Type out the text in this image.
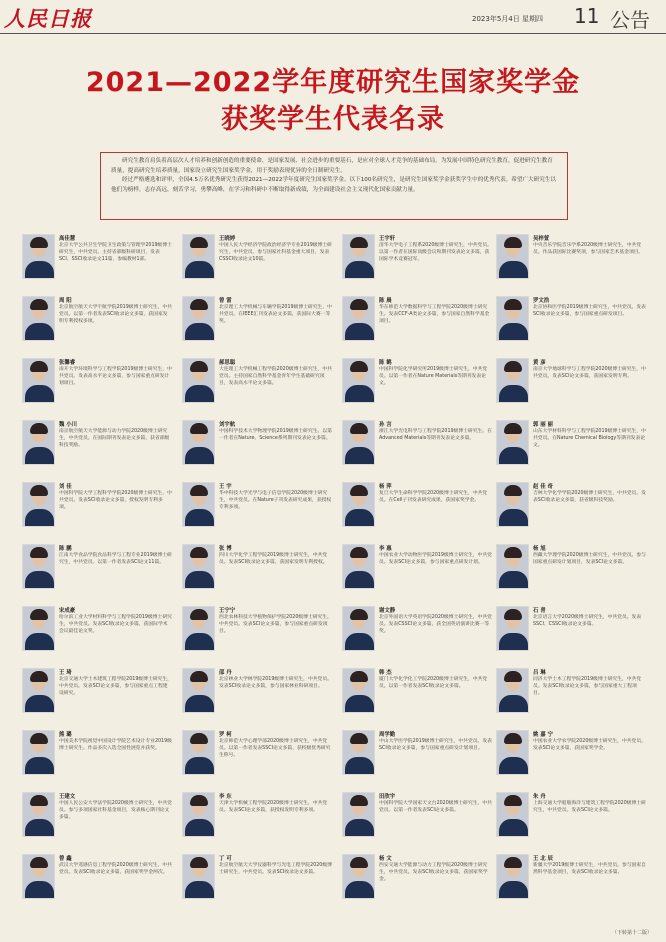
人民日报	2023年5月4日 星期四 11 公告
2021—2022学年度研究生国家奖学金
获奖学生代表名录

研究生教育肩负着高层次人才培养和创新创造的重要使命，是国家发展、社会进步的重要基石，是应对全球人才竞争的基础布局。为发展中国特色研究生教育，促进研究生教育质量，提高研究生培养质量，国家设立研究生国家奖学金，用于奖励表现优异的全日制研究生。

经过严格遴选和评审，全国4.5万名优秀研究生获得2021—2022学年度研究生国家奖学金。以下100名研究生，是研究生国家奖学金获奖学生中的优秀代表。希望广大研究生以他们为榜样，志存高远，刻苦学习，勇攀高峰，在学习和科研中不断取得新成绩，为全面建设社会主义现代化国家贡献力量。

高佳慧
北京大学公共卫生学院卫生政策与管理学2019级博士研究生，中共党员。主持省部级科研项目，发表SCI、SSCI收录论文11篇，参编教材1部。
周 阳
北京航空航天大学宇航学院2019级博士研究生，中共党员。以第一作者发表SCI收录论文多篇，获国家发明专利授权多项。
张馨睿
南开大学环境科学与工程学院2019级博士研究生，中共党员。发表高水平论文多篇，参与国家重点研发计划项目。
魏 小川
南京航空航天大学能源与动力学院2020级博士研究生，中共党员。在国际期刊发表论文多篇，获省部级科技奖励。
刘 佳
中国科学院大学工程科学学院2020级博士研究生，中共党员。发表SCI收录论文多篇，授权发明专利多项。
陈 鹏
江南大学食品学院食品科学与工程专业2019级博士研究生，中共党员。以第一作者发表SCI论文11篇。
宋成豪
哈尔滨工业大学材料科学与工程学院2019级博士研究生，中共党员。发表SCI收录论文多篇，获国际学术会议最佳论文奖。
王 琦
北京交通大学土木建筑工程学院2019级博士研究生，中共党员。发表SCI论文多篇，参与国家重点工程建设研究。
熊 璐
中国美术学院视觉中国设计学院艺术设计专业2019级博士研究生。作品多次入选全国性展览并获奖。
王建文
中国人民公安大学法学院2020级博士研究生，中共党员。参与多项国家社科基金项目，发表核心期刊论文多篇。
曾 鑫
武汉大学遥感信息工程学院2020级博士研究生，中共党员。发表SCI收录论文多篇，获国家奖学金两次。
王晓婷
中国人民大学经济学院政治经济学专业2019级博士研究生，中共党员。参与国家社科基金重大项目，发表CSSCI收录论文10篇。
曾 雷
北京理工大学机械与车辆学院2019级博士研究生，中共党员。在IEEE汇刊发表论文多篇，获国际大赛一等奖。
郝思聪
大连理工大学机械工程学院2020级博士研究生，中共党员。主持国家自然科学基金青年学生基础研究项目，发表高水平论文多篇。
刘宇航
中国科学技术大学物理学院2019级博士研究生。以第一作者在Nature、Science系列期刊发表论文多篇。
王 宇
华中科技大学光学与电子信息学院2020级博士研究生，中共党员。在Nature子刊发表研究成果，获授权专利多项。
张 博
四川大学化学工程学院2019级博士研究生，中共党员。发表SCI收录论文多篇，获国家发明专利授权。
王宁宁
西北农林科技大学植物保护学院2020级博士研究生，中共党员。发表SCI论文多篇，参与国家重点研发项目。
邵 丹
北京林业大学林学院2019级博士研究生，中共党员。发表SCI收录论文多篇，参与国家林业科研项目。
罗 柯
北京师范大学心理学部2020级博士研究生，中共党员。以第一作者发表SSCI论文多篇，获校级优秀研究生称号。
李 东
天津大学机械工程学院2020级博士研究生，中共党员。发表SCI论文多篇，获授权发明专利多项。
丁 可
北京航空航天大学仪器科学与光电工程学院2020级博士研究生，中共党员。发表SCI收录论文多篇。
王宇轩
清华大学电子工程系2020级博士研究生，中共党员。以第一作者在国际顶级会议和期刊发表论文多篇，获国际学术竞赛冠军。
陈 晨
华东师范大学数据科学与工程学院2020级博士研究生。发表CCF-A类论文多篇，参与国家自然科学基金项目。
陈 鹤
中国科学院化学研究所2019级博士研究生，中共党员。以第一作者在Nature Materials等期刊发表论文。
孙 言
浙江大学光电科学与工程学院2019级博士研究生。在Advanced Materials等期刊发表论文多篇。
杨 萍
复旦大学生命科学学院2020级博士研究生，中共党员。在Cell子刊发表研究成果，获国家奖学金。
李 惠
中国农业大学动物医学院2019级博士研究生，中共党员。发表SCI论文多篇，参与国家重点研发计划。
谢文静
北京外国语大学英语学院2020级博士研究生，中共党员。发表CSSCI论文多篇，获全国英语演讲比赛一等奖。
韩 杰
厦门大学化学化工学院2020级博士研究生，中共党员。以第一作者发表SCI收录论文多篇。
周学勤
中山大学医学院2019级博士研究生，中共党员。发表SCI收录论文多篇，参与国家重点研发计划项目。
田欣宇
中国科学院大学国家天文台2020级博士研究生，中共党员。以第一作者发表SCI论文多篇。
杨 文
西安交通大学能源与动力工程学院2020级博士研究生，中共党员。发表SCI收录论文多篇，获国家奖学金。
吴梓萱
中央音乐学院音乐学系2020级博士研究生，中共党员。作品获国际比赛奖项，参与国家艺术基金项目。
罗文浩
北京协和医学院2019级博士研究生，中共党员。发表SCI收录论文多篇，参与国家重点研发项目。
黄 彦
南京大学地球科学与工程学院2020级博士研究生，中共党员。发表SCI论文多篇，获国家发明专利。
郭 丽 丽
山东大学材料科学与工程学院2019级博士研究生，中共党员。在Nature Chemical Biology等期刊发表论文。
赵 佳 奇
吉林大学化学学院2020级博士研究生，中共党员。发表SCI收录论文多篇，获省级科技奖励。
杨 旭
西藏大学理学院2020级博士研究生，中共党员。参与国家重点研发计划项目，发表SCI论文多篇。
石 青
北京语言大学2020级博士研究生，中共党员。发表SSCI、CSSCI收录论文多篇。
吕 琳
同济大学土木工程学院2019级博士研究生，中共党员。发表SCI收录论文多篇，参与国家重大工程项目。
姚 嘉 宁
中国农业大学农学院2020级博士研究生，中共党员。发表SCI论文多篇，获国家奖学金。
朱 舟
上海交通大学船舶海洋与建筑工程学院2020级博士研究生，中共党员。发表SCI论文多篇。
王 北 辰
新疆大学2019级博士研究生，中共党员。参与国家自然科学基金项目，发表SCI收录论文多篇。
（下转第十二版）
